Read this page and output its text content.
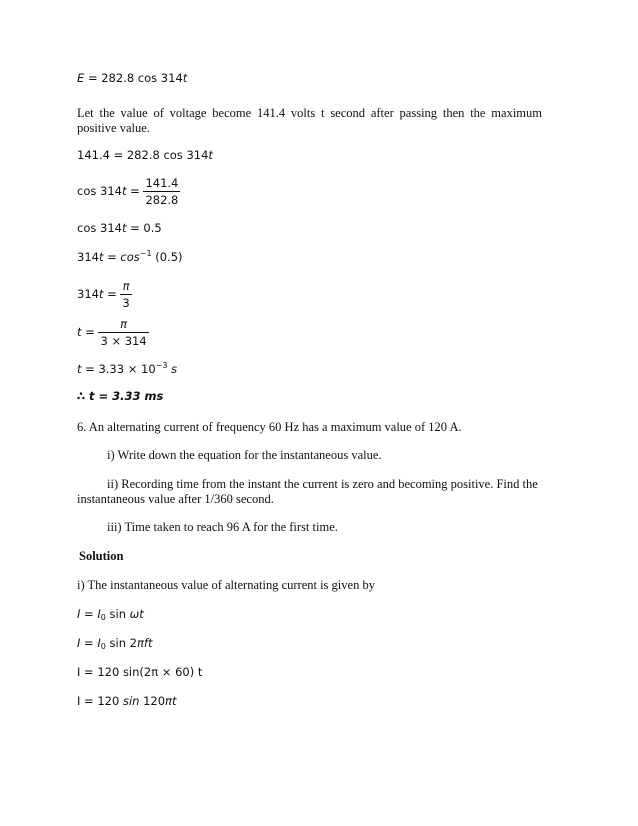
E = 282.8 cos 314t
Let the value of voltage become 141.4 volts t second after passing then the maximum positive value.
141.4 = 282.8 cos 314t
$\cos 314t = \frac{141.4}{282.8}$
cos 314t = 0.5
$314t = \cos^{-1} (0.5)$
$314t = \frac{\pi}{3}$
$t = \frac{\pi}{3 \times 314}$
$t = 3.33 \times 10^{-3}$ s
∴ t = 3.33 ms
6. An alternating current of frequency 60 Hz has a maximum value of 120 A.
i) Write down the equation for the instantaneous value.
ii) Recording time from the instant the current is zero and becoming positive. Find the
instantaneous value after 1/360 second.
iii) Time taken to reach 96 A for the first time.
Solution
i) The instantaneous value of alternating current is given by
$I = I_0$ sin ωt
$I = I_0$ sin 2πft
I = 120 sin(2π × 60) t
I = 120 sin 120πt
